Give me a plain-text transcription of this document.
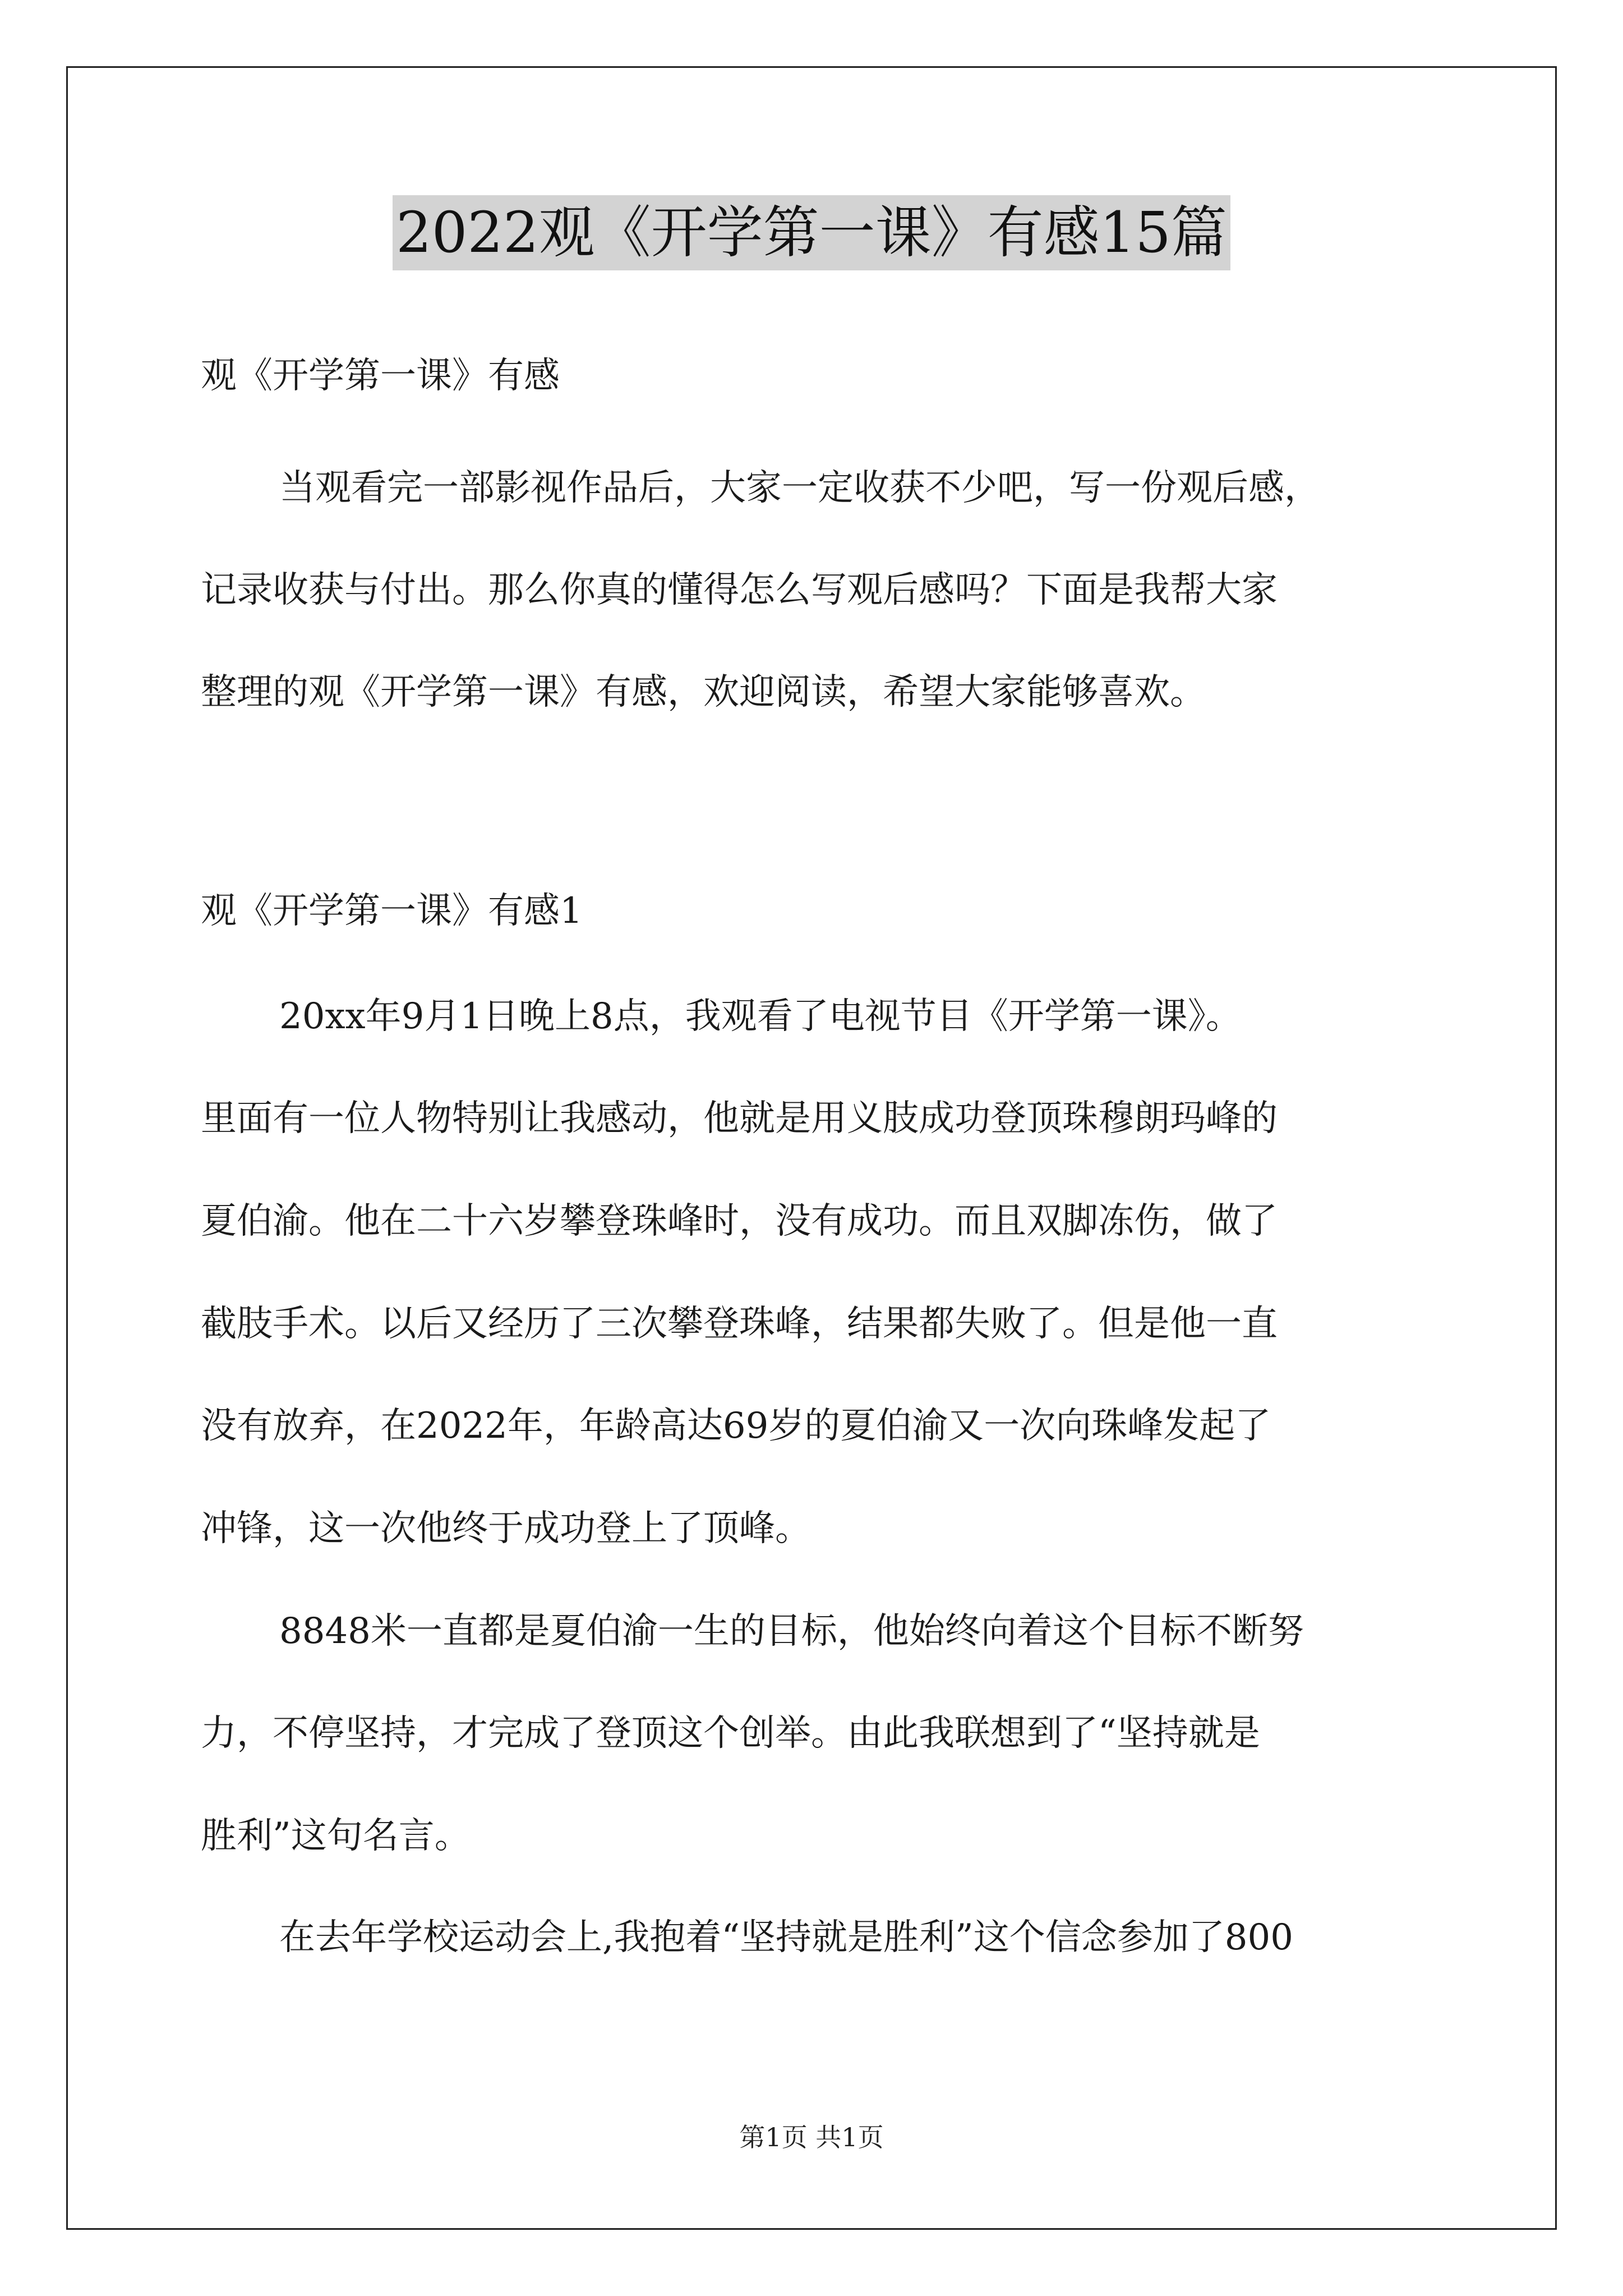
2022观《开学第一课》有感15篇
观《开学第一课》有感
当观看完一部影视作品后，大家一定收获不少吧，写一份观后感，
记录收获与付出。那么你真的懂得怎么写观后感吗？下面是我帮大家
整理的观《开学第一课》有感，欢迎阅读，希望大家能够喜欢。
观《开学第一课》有感1
20xx年9月1日晚上8点，我观看了电视节目《开学第一课》。
里面有一位人物特别让我感动，他就是用义肢成功登顶珠穆朗玛峰的
夏伯渝。他在二十六岁攀登珠峰时，没有成功。而且双脚冻伤，做了
截肢手术。以后又经历了三次攀登珠峰，结果都失败了。但是他一直
没有放弃，在2022年，年龄高达69岁的夏伯渝又一次向珠峰发起了
冲锋，这一次他终于成功登上了顶峰。
8848米一直都是夏伯渝一生的目标，他始终向着这个目标不断努
力，不停坚持，才完成了登顶这个创举。由此我联想到了“坚持就是
胜利”这句名言。
在去年学校运动会上,我抱着“坚持就是胜利”这个信念参加了800
第1页 共1页
